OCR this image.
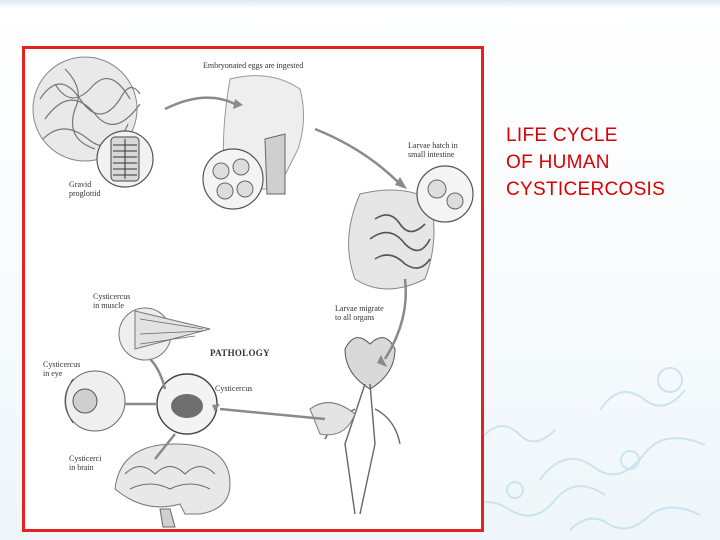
Embryonated eggs are ingested
Gravid
proglottid
Larvae hatch in
small intestine
Cysticercus
in muscle	Larvae migrate
to all organs
PATHOLOGY
Cysticercus
in eye
Cysticercus
Cysticerci
in brain
LIFE CYCLE
OF HUMAN
CYSTICERCOSIS
